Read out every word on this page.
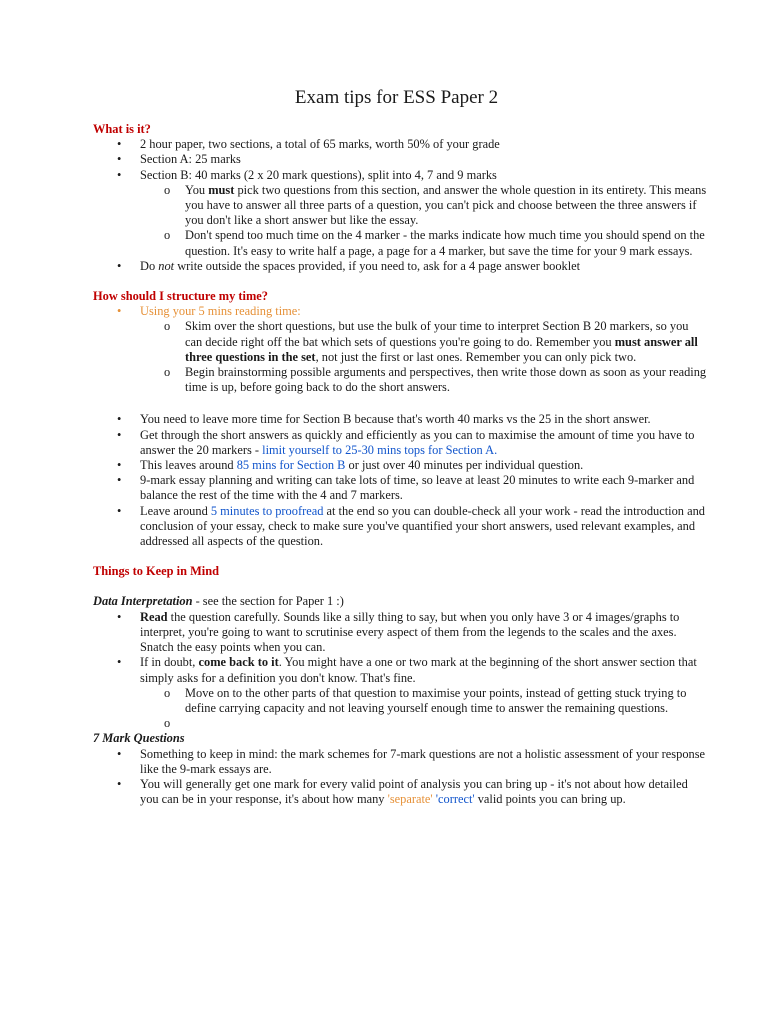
Exam tips for ESS Paper 2
What is it?
• 2 hour paper, two sections, a total of 65 marks, worth 50% of your grade
• Section A: 25 marks
• Section B: 40 marks (2 x 20 mark questions), split into 4, 7 and 9 marks
o You must pick two questions from this section, and answer the whole question in its entirety. This means you have to answer all three parts of a question, you can't pick and choose between the three answers if you don't like a short answer but like the essay.
o Don't spend too much time on the 4 marker - the marks indicate how much time you should spend on the question. It's easy to write half a page, a page for a 4 marker, but save the time for your 9 mark essays.
• Do not write outside the spaces provided, if you need to, ask for a 4 page answer booklet
How should I structure my time?
• Using your 5 mins reading time:
o Skim over the short questions, but use the bulk of your time to interpret Section B 20 markers, so you can decide right off the bat which sets of questions you're going to do. Remember you must answer all three questions in the set, not just the first or last ones. Remember you can only pick two.
o Begin brainstorming possible arguments and perspectives, then write those down as soon as your reading time is up, before going back to do the short answers.
• You need to leave more time for Section B because that's worth 40 marks vs the 25 in the short answer.
• Get through the short answers as quickly and efficiently as you can to maximise the amount of time you have to answer the 20 markers - limit yourself to 25-30 mins tops for Section A.
• This leaves around 85 mins for Section B or just over 40 minutes per individual question.
• 9-mark essay planning and writing can take lots of time, so leave at least 20 minutes to write each 9-marker and balance the rest of the time with the 4 and 7 markers.
• Leave around 5 minutes to proofread at the end so you can double-check all your work - read the introduction and conclusion of your essay, check to make sure you've quantified your short answers, used relevant examples, and addressed all aspects of the question.
Things to Keep in Mind
Data Interpretation - see the section for Paper 1 :)
• Read the question carefully. Sounds like a silly thing to say, but when you only have 3 or 4 images/graphs to interpret, you're going to want to scrutinise every aspect of them from the legends to the scales and the axes. Snatch the easy points when you can.
• If in doubt, come back to it. You might have a one or two mark at the beginning of the short answer section that simply asks for a definition you don't know. That's fine.
o Move on to the other parts of that question to maximise your points, instead of getting stuck trying to define carrying capacity and not leaving yourself enough time to answer the remaining questions.
o
7 Mark Questions
• Something to keep in mind: the mark schemes for 7-mark questions are not a holistic assessment of your response like the 9-mark essays are.
• You will generally get one mark for every valid point of analysis you can bring up - it's not about how detailed you can be in your response, it's about how many 'separate' 'correct' valid points you can bring up.
